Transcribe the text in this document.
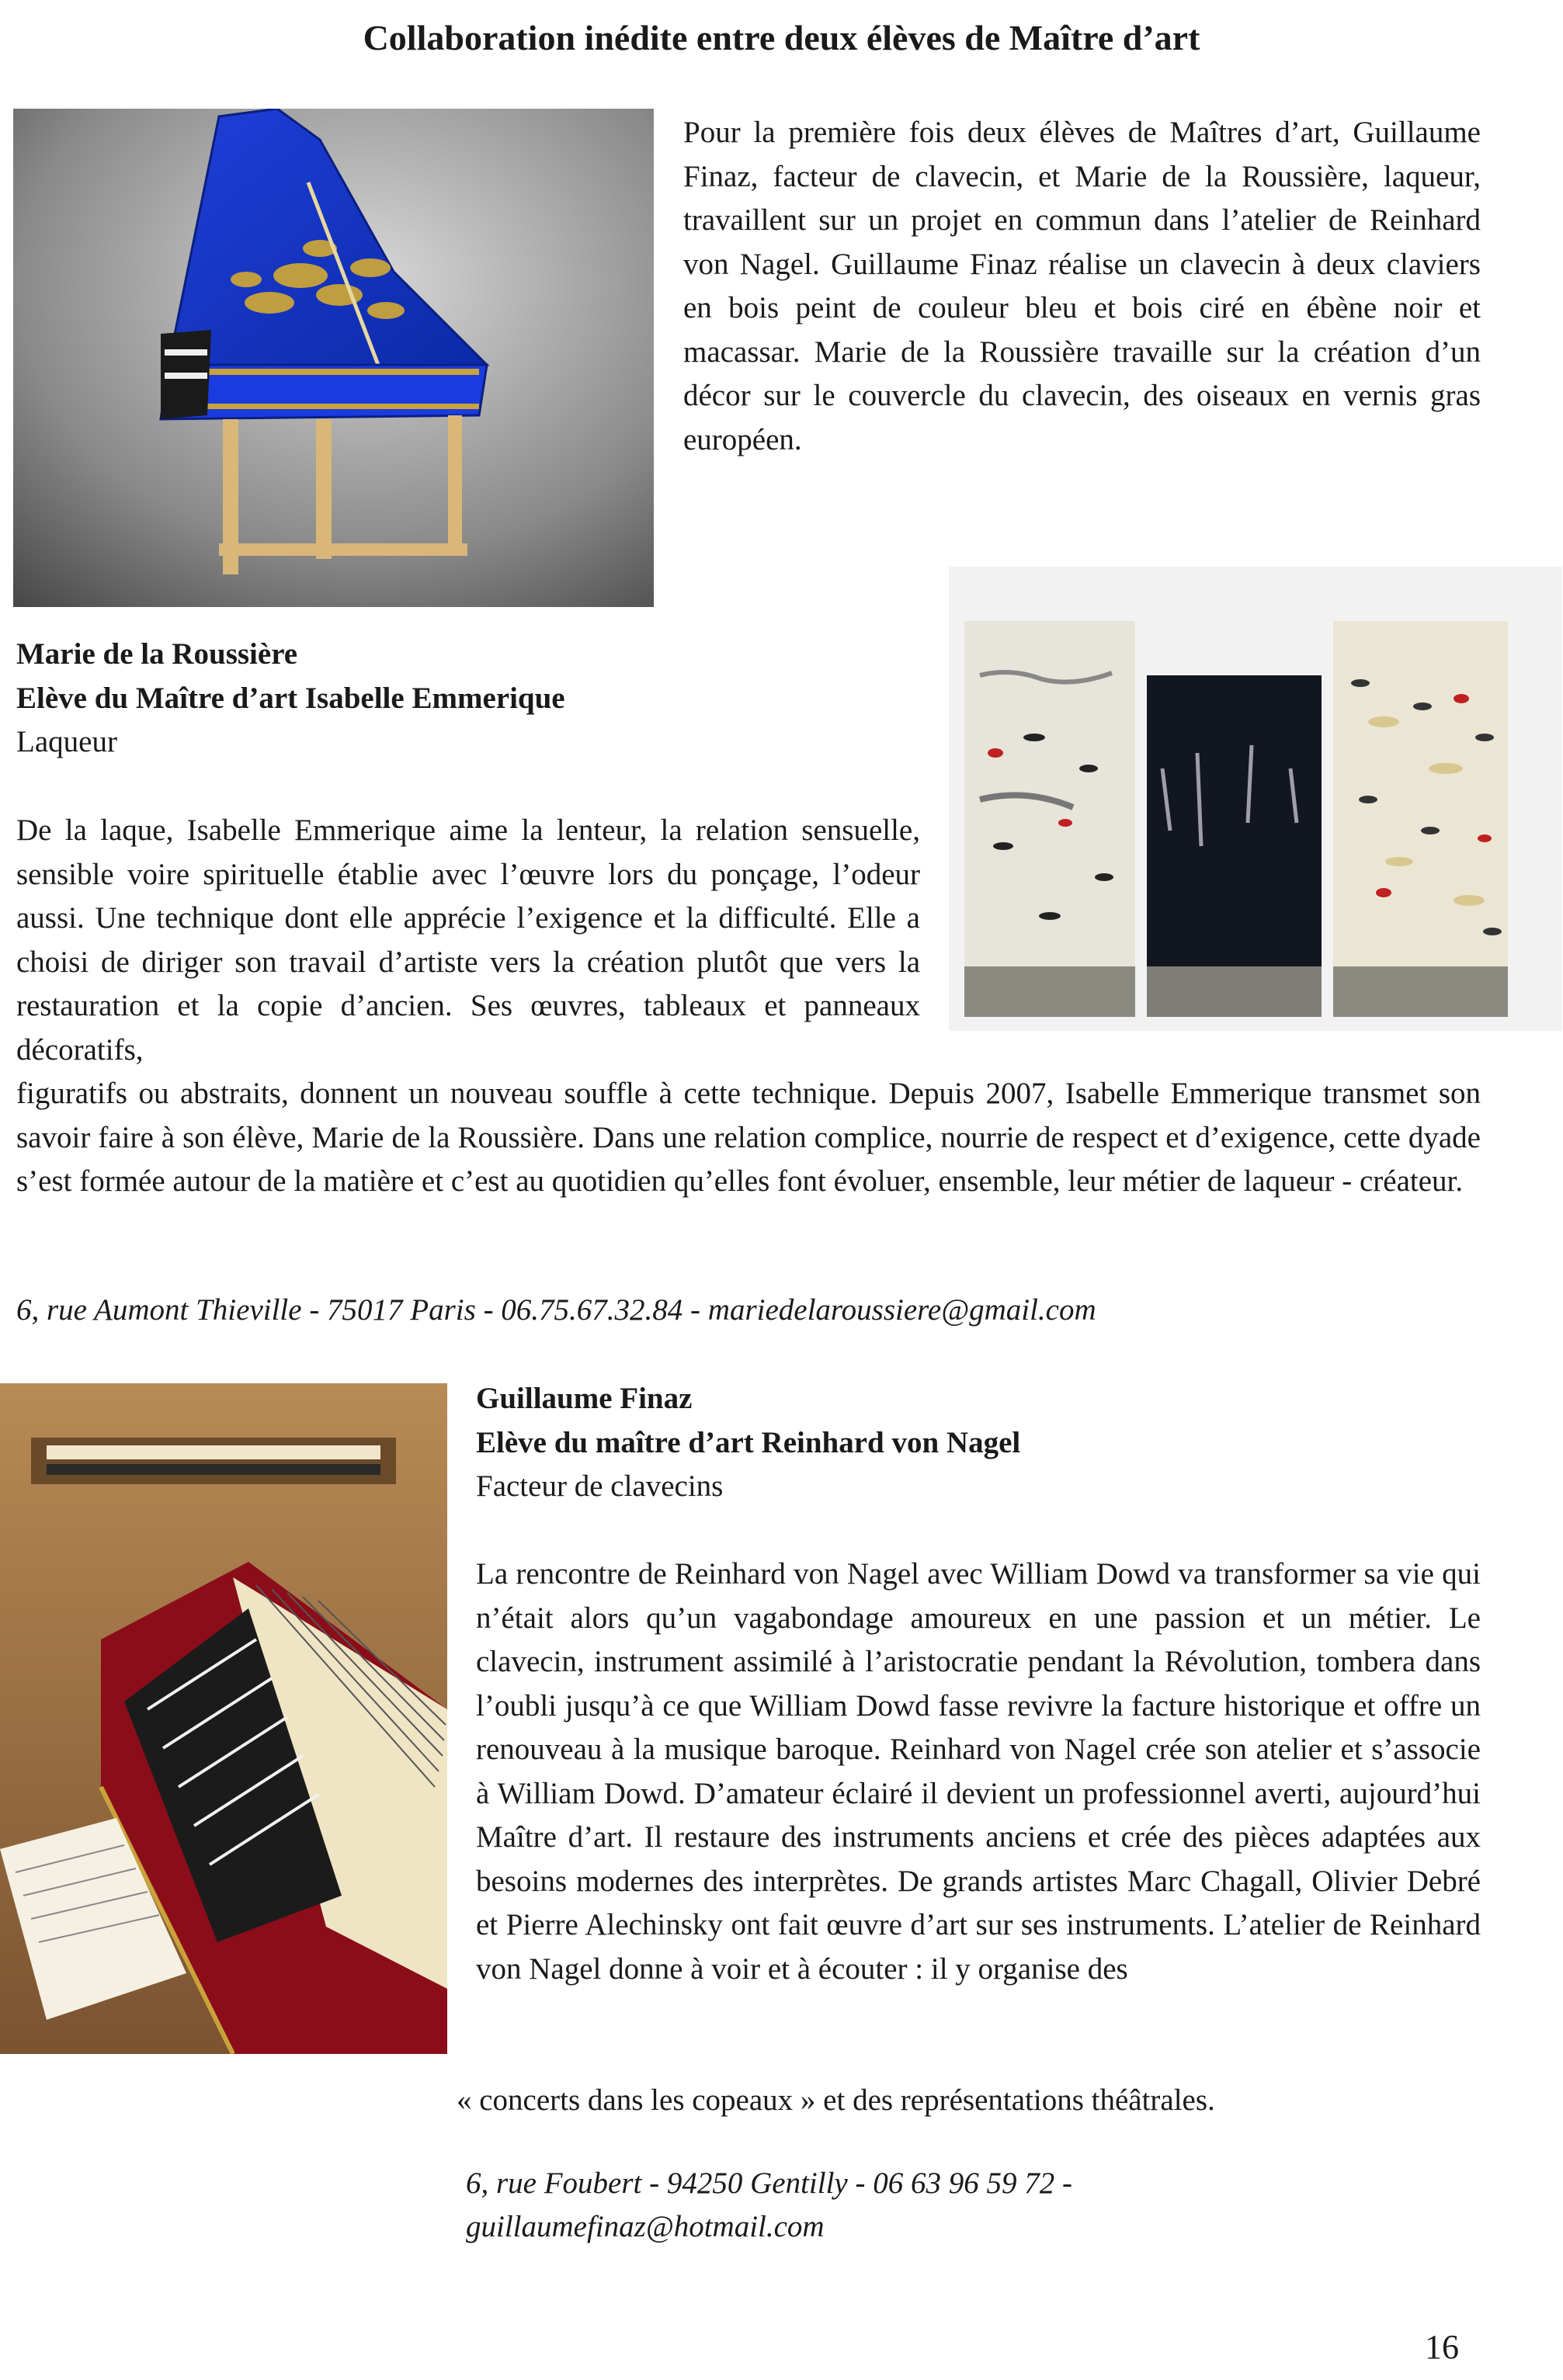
Collaboration inédite entre deux élèves de Maître d’art

Pour la première fois deux élèves de Maîtres d’art, Guillaume Finaz, facteur de clavecin, et Marie de la Roussière, laqueur, travaillent sur un projet en commun dans l’atelier de Reinhard von Nagel. Guillaume Finaz réalise un clavecin à deux claviers en bois peint de couleur bleu et bois ciré en ébène noir et macassar. Marie de la Roussière travaille sur la création d’un décor sur le couvercle du clavecin, des oiseaux en vernis gras européen.

Marie de la Roussière

Elève du Maître d’art Isabelle Emmerique

Laqueur

De la laque, Isabelle Emmerique aime la lenteur, la relation sensuelle, sensible voire spirituelle établie avec l’œuvre lors du ponçage, l’odeur aussi. Une technique dont elle apprécie l’exigence et la difficulté. Elle a choisi de diriger son travail d’artiste vers la création plutôt que vers la restauration et la copie d’ancien. Ses œuvres, tableaux et panneaux décoratifs,

figuratifs ou abstraits, donnent un nouveau souffle à cette technique. Depuis 2007, Isabelle Emmerique transmet son savoir faire à son élève, Marie de la Roussière. Dans une relation complice, nourrie de respect et d’exigence, cette dyade s’est formée autour de la matière et c’est au quotidien qu’elles font évoluer, ensemble, leur métier de laqueur - créateur.

6, rue Aumont Thieville - 75017 Paris - 06.75.67.32.84 - mariedelaroussiere@gmail.com

Guillaume Finaz

Elève du maître d’art Reinhard von Nagel

Facteur de clavecins

La rencontre de Reinhard von Nagel avec William Dowd va transformer sa vie qui n’était alors qu’un vagabondage amoureux en une passion et un métier. Le clavecin, instrument assimilé à l’aristocratie pendant la Révolution, tombera dans l’oubli jusqu’à ce que William Dowd fasse revivre la facture historique et offre un renouveau à la musique baroque. Reinhard von Nagel crée son atelier et s’associe à William Dowd. D’amateur éclairé il devient un professionnel averti, aujourd’hui Maître d’art. Il restaure des instruments anciens et crée des pièces adaptées aux besoins modernes des interprètes. De grands artistes Marc Chagall, Olivier Debré et Pierre Alechinsky ont fait œuvre d’art sur ses instruments. L’atelier de Reinhard von Nagel donne à voir et à écouter : il y organise des

« concerts dans les copeaux » et des représentations théâtrales.

6, rue Foubert - 94250 Gentilly - 06 63 96 59 72 -

guillaumefinaz@hotmail.com

16
